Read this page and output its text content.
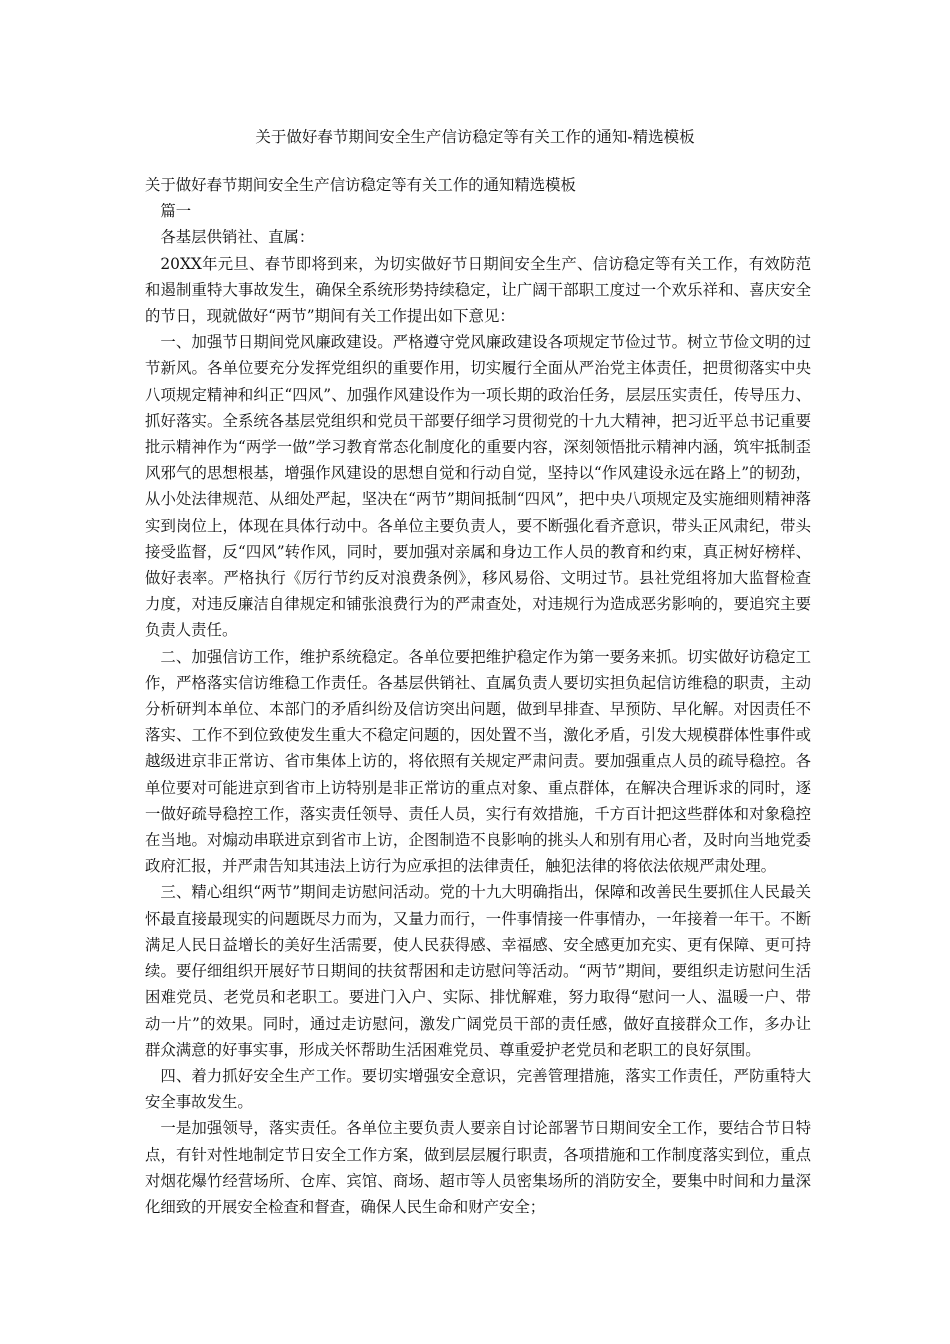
关于做好春节期间安全生产信访稳定等有关工作的通知-精选模板

关于做好春节期间安全生产信访稳定等有关工作的通知精选模板

篇一

各基层供销社、直属：

20XX年元旦、春节即将到来，为切实做好节日期间安全生产、信访稳定等有关工作，有效防范和遏制重特大事故发生，确保全系统形势持续稳定，让广阔干部职工度过一个欢乐祥和、喜庆安全的节日，现就做好“两节”期间有关工作提出如下意见：

一、加强节日期间党风廉政建设。严格遵守党风廉政建设各项规定节俭过节。树立节俭文明的过节新风。各单位要充分发挥党组织的重要作用，切实履行全面从严治党主体责任，把贯彻落实中央八项规定精神和纠正“四风”、加强作风建设作为一项长期的政治任务，层层压实责任，传导压力、抓好落实。全系统各基层党组织和党员干部要仔细学习贯彻党的十九大精神，把习近平总书记重要批示精神作为“两学一做”学习教育常态化制度化的重要内容，深刻领悟批示精神内涵，筑牢抵制歪风邪气的思想根基，增强作风建设的思想自觉和行动自觉，坚持以“作风建设永远在路上”的韧劲，从小处法律规范、从细处严起，坚决在“两节”期间抵制“四风”，把中央八项规定及实施细则精神落实到岗位上，体现在具体行动中。各单位主要负责人，要不断强化看齐意识，带头正风肃纪，带头接受监督，反“四风”转作风，同时，要加强对亲属和身边工作人员的教育和约束，真正树好榜样、做好表率。严格执行《厉行节约反对浪费条例》，移风易俗、文明过节。县社党组将加大监督检查力度，对违反廉洁自律规定和铺张浪费行为的严肃查处，对违规行为造成恶劣影响的，要追究主要负责人责任。

二、加强信访工作，维护系统稳定。各单位要把维护稳定作为第一要务来抓。切实做好访稳定工作，严格落实信访维稳工作责任。各基层供销社、直属负责人要切实担负起信访维稳的职责，主动分析研判本单位、本部门的矛盾纠纷及信访突出问题，做到早排查、早预防、早化解。对因责任不落实、工作不到位致使发生重大不稳定问题的，因处置不当，激化矛盾，引发大规模群体性事件或越级进京非正常访、省市集体上访的，将依照有关规定严肃问责。要加强重点人员的疏导稳控。各单位要对可能进京到省市上访特别是非正常访的重点对象、重点群体，在解决合理诉求的同时，逐一做好疏导稳控工作，落实责任领导、责任人员，实行有效措施，千方百计把这些群体和对象稳控在当地。对煽动串联进京到省市上访，企图制造不良影响的挑头人和别有用心者，及时向当地党委政府汇报，并严肃告知其违法上访行为应承担的法律责任，触犯法律的将依法依规严肃处理。

三、精心组织“两节”期间走访慰问活动。党的十九大明确指出，保障和改善民生要抓住人民最关怀最直接最现实的问题既尽力而为，又量力而行，一件事情接一件事情办，一年接着一年干。不断满足人民日益增长的美好生活需要，使人民获得感、幸福感、安全感更加充实、更有保障、更可持续。要仔细组织开展好节日期间的扶贫帮困和走访慰问等活动。“两节”期间，要组织走访慰问生活困难党员、老党员和老职工。要进门入户、实际、排忧解难，努力取得“慰问一人、温暖一户、带动一片”的效果。同时，通过走访慰问，激发广阔党员干部的责任感，做好直接群众工作，多办让群众满意的好事实事，形成关怀帮助生活困难党员、尊重爱护老党员和老职工的良好氛围。

四、着力抓好安全生产工作。要切实增强安全意识，完善管理措施，落实工作责任，严防重特大安全事故发生。

一是加强领导，落实责任。各单位主要负责人要亲自讨论部署节日期间安全工作，要结合节日特点，有针对性地制定节日安全工作方案，做到层层履行职责，各项措施和工作制度落实到位，重点对烟花爆竹经营场所、仓库、宾馆、商场、超市等人员密集场所的消防安全，要集中时间和力量深化细致的开展安全检查和督查，确保人民生命和财产安全；
